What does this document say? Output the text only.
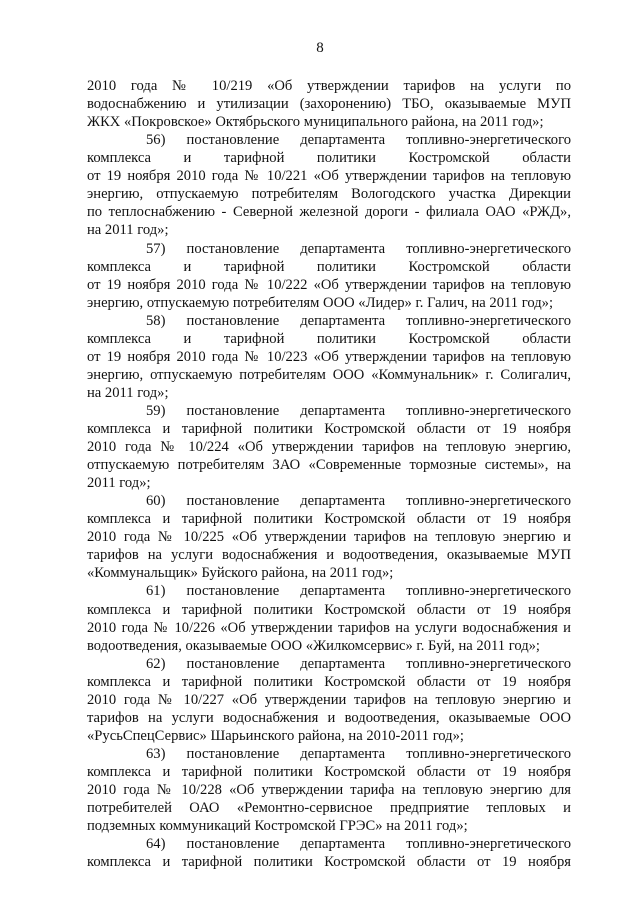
8
2010 года № 10/219 «Об утверждении тарифов на услуги по
водоснабжению и утилизации (захоронению) ТБО, оказываемые МУП
ЖКХ «Покровское» Октябрьского муниципального района, на 2011 год»;
56) постановление департамента топливно-энергетического
комплекса и тарифной политики Костромской области
от 19 ноября 2010 года № 10/221 «Об утверждении тарифов на тепловую
энергию, отпускаемую потребителям Вологодского участка Дирекции
по теплоснабжению - Северной железной дороги - филиала ОАО «РЖД»,
на 2011 год»;
57) постановление департамента топливно-энергетического
комплекса и тарифной политики Костромской области
от 19 ноября 2010 года № 10/222 «Об утверждении тарифов на тепловую
энергию, отпускаемую потребителям ООО «Лидер» г. Галич, на 2011 год»;
58) постановление департамента топливно-энергетического
комплекса и тарифной политики Костромской области
от 19 ноября 2010 года № 10/223 «Об утверждении тарифов на тепловую
энергию, отпускаемую потребителям ООО «Коммунальник» г. Солигалич,
на 2011 год»;
59) постановление департамента топливно-энергетического
комплекса и тарифной политики Костромской области от 19 ноября
2010 года № 10/224 «Об утверждении тарифов на тепловую энергию,
отпускаемую потребителям ЗАО «Современные тормозные системы», на
2011 год»;
60) постановление департамента топливно-энергетического
комплекса и тарифной политики Костромской области от 19 ноября
2010 года № 10/225 «Об утверждении тарифов на тепловую энергию и
тарифов на услуги водоснабжения и водоотведения, оказываемые МУП
«Коммунальщик» Буйского района, на 2011 год»;
61) постановление департамента топливно-энергетического
комплекса и тарифной политики Костромской области от 19 ноября
2010 года № 10/226 «Об утверждении тарифов на услуги водоснабжения и
водоотведения, оказываемые ООО «Жилкомсервис» г. Буй, на 2011 год»;
62) постановление департамента топливно-энергетического
комплекса и тарифной политики Костромской области от 19 ноября
2010 года № 10/227 «Об утверждении тарифов на тепловую энергию и
тарифов на услуги водоснабжения и водоотведения, оказываемые ООО
«РусьСпецСервис» Шарьинского района, на 2010-2011 год»;
63) постановление департамента топливно-энергетического
комплекса и тарифной политики Костромской области от 19 ноября
2010 года № 10/228 «Об утверждении тарифа на тепловую энергию для
потребителей ОАО «Ремонтно-сервисное предприятие тепловых и
подземных коммуникаций Костромской ГРЭС» на 2011 год»;
64) постановление департамента топливно-энергетического
комплекса и тарифной политики Костромской области от 19 ноября
